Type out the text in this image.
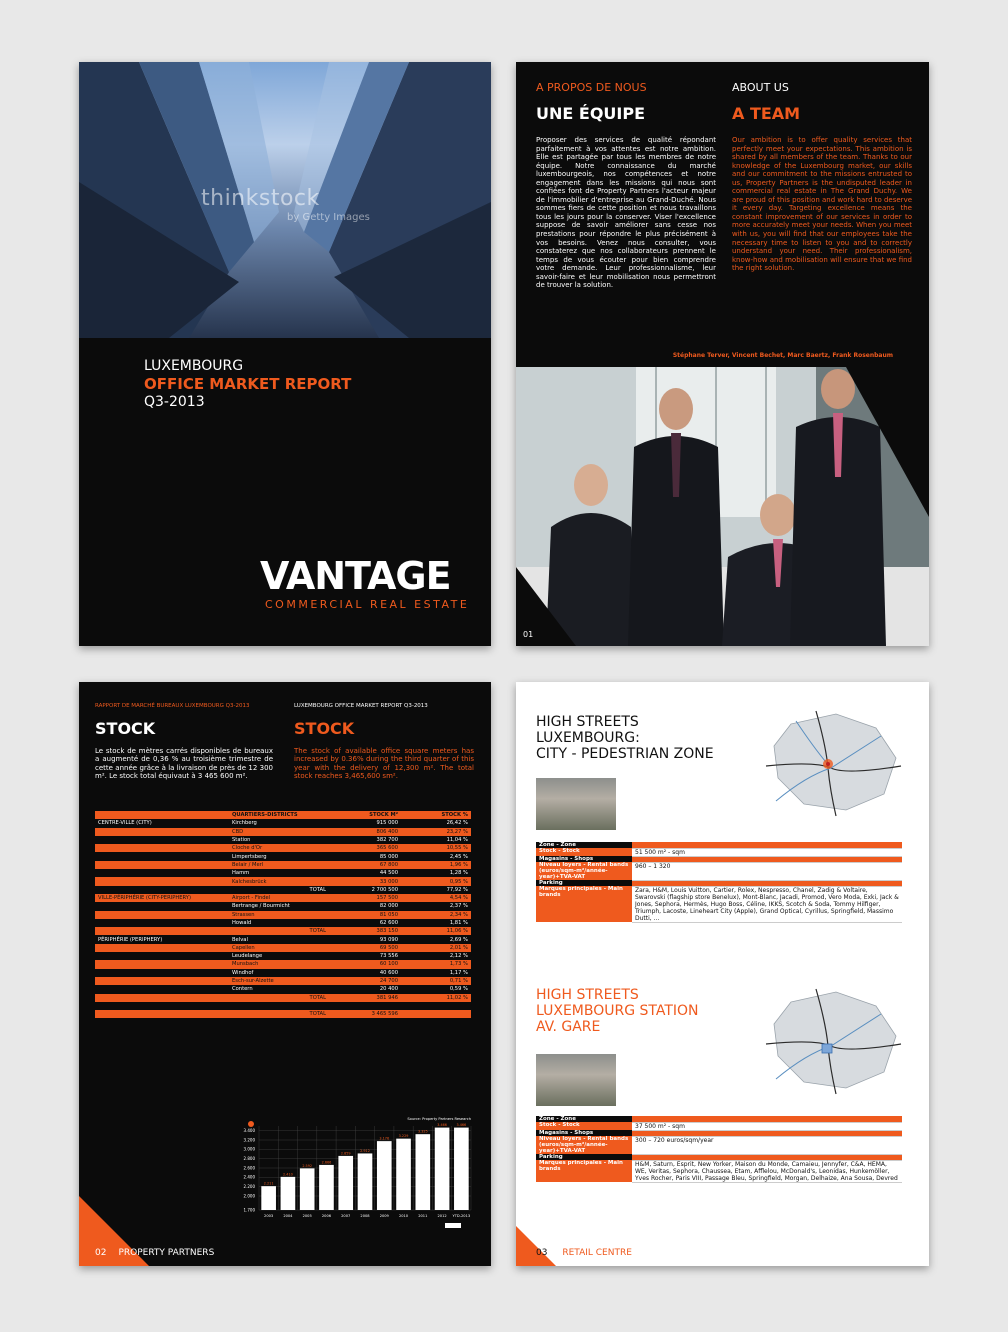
thinkstock
by Getty Images
LUXEMBOURG
OFFICE MARKET REPORT
Q3-2013
VANTAGE
COMMERCIAL REAL ESTATE
A PROPOS DE NOUS
UNE ÉQUIPE
Proposer des services de qualité répondant parfaitement à vos attentes est notre ambition. Elle est partagée par tous les membres de notre équipe. Notre connaissance du marché luxembourgeois, nos compétences et notre engagement dans les missions qui nous sont confiées font de Property Partners l'acteur majeur de l'immobilier d'entreprise au Grand-Duché. Nous sommes fiers de cette position et nous travaillons tous les jours pour la conserver. Viser l'excellence suppose de savoir améliorer sans cesse nos prestations pour répondre le plus précisément à vos besoins. Venez nous consulter, vous constaterez que nos collaborateurs prennent le temps de vous écouter pour bien comprendre votre demande. Leur professionnalisme, leur savoir-faire et leur mobilisation nous permettront de trouver la solution.
ABOUT US
A TEAM
Our ambition is to offer quality services that perfectly meet your expectations. This ambition is shared by all members of the team. Thanks to our knowledge of the Luxembourg market, our skills and our commitment to the missions entrusted to us, Property Partners is the undisputed leader in commercial real estate in The Grand Duchy. We are proud of this position and work hard to deserve it every day. Targeting excellence means the constant improvement of our services in order to more accurately meet your needs. When you meet with us, you will find that our employees take the necessary time to listen to you and to correctly understand your need. Their professionalism, know-how and mobilisation will ensure that we find the right solution.
Stéphane Terver, Vincent Bechet, Marc Baertz, Frank Rosenbaum
01
RAPPORT DE MARCHÉ BUREAUX LUXEMBOURG Q3-2013
STOCK
Le stock de mètres carrés disponibles de bureaux a augmenté de 0,36 % au troisième trimestre de cette année grâce à la livraison de près de 12 300 m². Le stock total équivaut à 3 465 600 m².
LUXEMBOURG OFFICE MARKET REPORT Q3-2013
STOCK
The stock of available office square meters has increased by 0.36% during the third quarter of this year with the delivery of 12,300 m². The total stock reaches 3,465,600 sm².
	QUARTIERS-DISTRICTS	STOCK M²	STOCK %
CENTRE-VILLE (CITY)	Kirchberg	915 000	26,42 %
	CBD	806 400	23,27 %
	Station	382 700	11,04 %
	Cloche d'Or	365 600	10,55 %
	Limpertsberg	85 000	2,45 %
	Belair / Merl	67 800	1,96 %
	Hamm	44 500	1,28 %
	Kalchesbrück	33 000	0,95 %
	TOTAL	2 700 500	77,92 %
VILLE-PÉRIPHÉRIE (CITY-PERIPHERY)	Airport - Findel	157 500	4,54 %
	Bertrange / Bourmicht	82 000	2,37 %
	Strassen	81 050	2,34 %
	Howald	62 600	1,81 %
	TOTAL	383 150	11,06 %
PÉRIPHÉRIE (PERIPHERY)	Belval	93 090	2,69 %
	Capellen	69 500	2,01 %
	Leudelange	73 556	2,12 %
	Munsbach	60 100	1,73 %
	Windhof	40 600	1,17 %
	Esch-sur-Alzette	24 700	0,71 %
	Contern	20 400	0,59 %
	TOTAL	381 946	11,02 %

	TOTAL	3 465 596	
Source: Property Partners Research
1.700
2.000
2.200
2.400
2.600
2.800
3.000
3.200
3.400
2.211
2003
2.410
2004
2.592
2005
2.666
2006
2.859
2007
2.912
2008
3.176
2009
3.229
2010
3.325
2011
3.466
2012
3.466
YTD-2013
02 PROPERTY PARTNERS
HIGH STREETS
LUXEMBOURG:
CITY - PEDESTRIAN ZONE
Zone - Zone	
Stock - Stock	51 500 m² - sqm
Magasins - Shops	
Niveau loyers - Rental bands (euros/sqm-m²/année-year)+TVA-VAT	960 – 1 320
Parking	
Marques principales - Main brands	Zara, H&M, Louis Vuitton, Cartier, Rolex, Nespresso, Chanel, Zadig & Voltaire, Swarovski (flagship store Benelux), Mont-Blanc, Jacadi, Promod, Vero Moda, Exki, Jack & Jones, Sephora, Hermès, Hugo Boss, Céline, IKKS, Scotch & Soda, Tommy Hilfiger, Triumph, Lacoste, Lineheart City (Apple), Grand Optical, Cyrillus, Springfield, Massimo Dutti, ...
HIGH STREETS
LUXEMBOURG STATION
AV. GARE
Zone - Zone	
Stock - Stock	37 500 m² - sqm
Magasins - Shops	
Niveau loyers - Rental bands (euros/sqm-m²/année-year)+TVA-VAT	300 – 720 euros/sqm/year
Parking	
Marques principales - Main brands	H&M, Saturn, Esprit, New Yorker, Maison du Monde, Camaieu, Jennyfer, C&A, HEMA, WE, Veritas, Sephora, Chaussea, Etam, Afflelou, McDonald's, Leonidas, Hunkemöller, Yves Rocher, Paris VIII, Passage Bleu, Springfield, Morgan, Delhaize, Ana Sousa, Devred
03 RETAIL CENTRE
